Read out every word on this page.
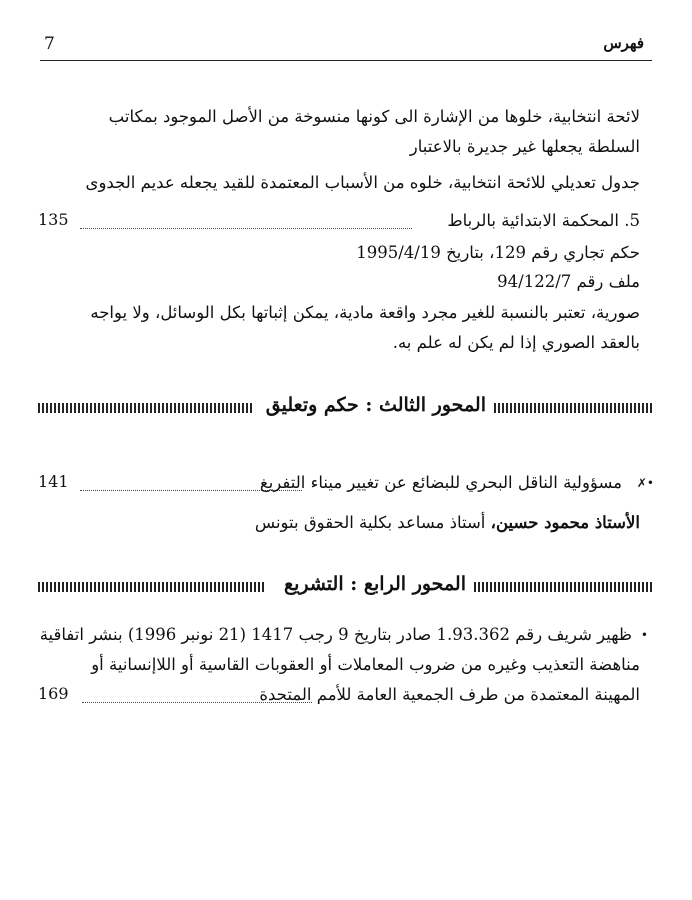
7	فهرس
لائحة انتخابية، خلوها من الإشارة الى كونها منسوخة من الأصل الموجود بمكاتب
السلطة يجعلها غير جديرة بالاعتبار
جدول تعديلي للائحة انتخابية، خلوه من الأسباب المعتمدة للقيد يجعله عديم الجدوى
135	5. المحكمة الابتدائية بالرباط
حكم تجاري رقم 129، بتاريخ 1995/4/19
ملف رقم 94/122/7
صورية، تعتبر بالنسبة للغير مجرد واقعة مادية، يمكن إثباتها بكل الوسائل، ولا يواجه
بالعقد الصوري إذا لم يكن له علم به.
المحور الثالث : حكم وتعليق
141	مسؤولية الناقل البحري للبضائع عن تغيير ميناء التفريغ ✗•
الأستاذ محمود حسين، أستاذ مساعد بكلية الحقوق بتونس
المحور الرابع : التشريع
•
ظهير شريف رقم 1.93.362 صادر بتاريخ 9 رجب 1417 (21 نونبر 1996) بنشر اتفاقية
مناهضة التعذيب وغيره من ضروب المعاملات أو العقوبات القاسية أو اللاإنسانية أو
169	المهينة المعتمدة من طرف الجمعية العامة للأمم المتحدة
